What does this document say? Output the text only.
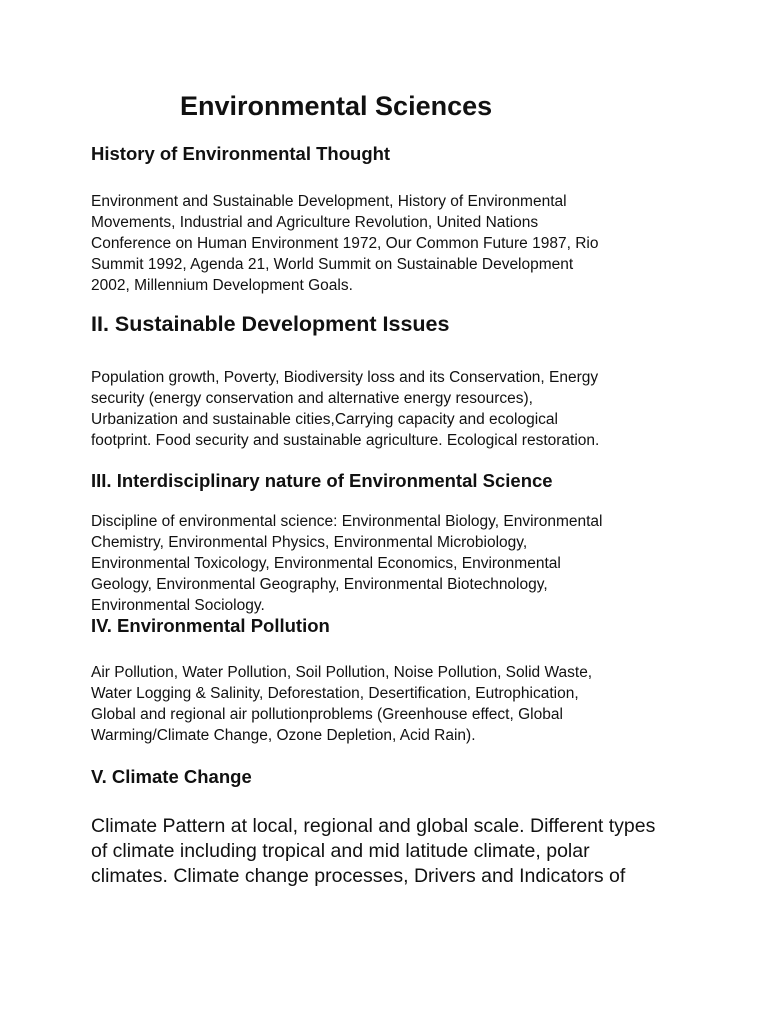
Environmental Sciences
History of Environmental Thought

Environment and Sustainable Development, History of Environmental
Movements, Industrial and Agriculture Revolution, United Nations
Conference on Human Environment 1972, Our Common Future 1987, Rio
Summit 1992, Agenda 21, World Summit on Sustainable Development
2002, Millennium Development Goals.

II. Sustainable Development Issues

Population growth, Poverty, Biodiversity loss and its Conservation, Energy
security (energy conservation and alternative energy resources),
Urbanization and sustainable cities,Carrying capacity and ecological
footprint. Food security and sustainable agriculture. Ecological restoration.

III. Interdisciplinary nature of Environmental Science

Discipline of environmental science: Environmental Biology, Environmental
Chemistry, Environmental Physics, Environmental Microbiology,
Environmental Toxicology, Environmental Economics, Environmental
Geology, Environmental Geography, Environmental Biotechnology,
Environmental Sociology.

IV. Environmental Pollution

Air Pollution, Water Pollution, Soil Pollution, Noise Pollution, Solid Waste,
Water Logging & Salinity, Deforestation, Desertification, Eutrophication,
Global and regional air pollutionproblems (Greenhouse effect, Global
Warming/Climate Change, Ozone Depletion, Acid Rain).

V. Climate Change

Climate Pattern at local, regional and global scale. Different types
of climate including tropical and mid latitude climate, polar
climates. Climate change processes, Drivers and Indicators of
